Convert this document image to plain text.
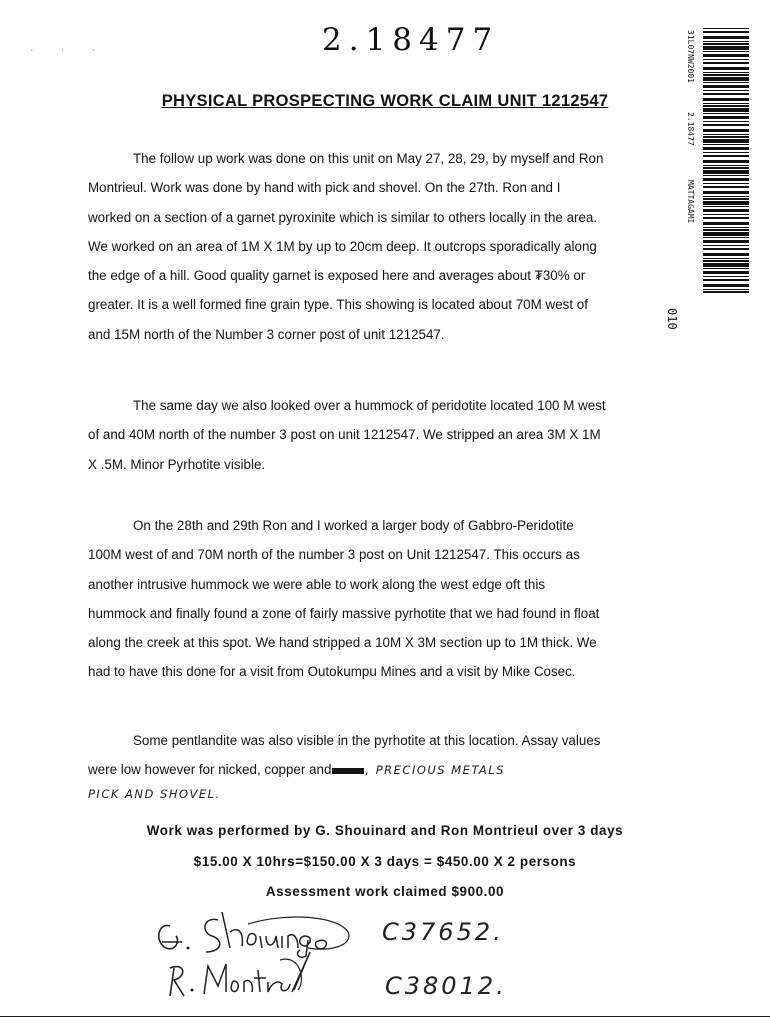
· · ·	2.18477	31L07NW2001
2.18477
MATTAGAMI
010
PHYSICAL PROSPECTING WORK CLAIM UNIT 1212547
The follow up work was done on this unit on May 27, 28, 29, by myself and Ron
Montrieul. Work was done by hand with pick and shovel. On the 27th. Ron and I
worked on a section of a garnet pyroxinite which is similar to others locally in the area.
We worked on an area of 1M X 1M by up to 20cm deep. It outcrops sporadically along
the edge of a hill. Good quality garnet is exposed here and averages about ₮30% or
greater. It is a well formed fine grain type. This showing is located about 70M west of
and 15M north of the Number 3 corner post of unit 1212547.
The same day we also looked over a hummock of peridotite located 100 M west
of and 40M north of the number 3 post on unit 1212547. We stripped an area 3M X 1M
X .5M. Minor Pyrhotite visible.
On the 28th and 29th Ron and I worked a larger body of Gabbro-Peridotite
100M west of and 70M north of the number 3 post on Unit 1212547. This occurs as
another intrusive hummock we were able to work along the west edge oft this
hummock and finally found a zone of fairly massive pyrhotite that we had found in float
along the creek at this spot. We hand stripped a 10M X 3M section up to 1M thick. We
had to have this done for a visit from Outokumpu Mines and a visit by Mike Cosec.
Some pentlandite was also visible in the pyrhotite at this location. Assay values
were low however for nicked, copper and	, PRECIOUS METALS
PICK AND SHOVEL.
Work was performed by G. Shouinard and Ron Montrieul over 3 days
$15.00 X 10hrs=$150.00 X 3 days = $450.00 X 2 persons
Assessment work claimed $900.00
C37652.
C38012.
